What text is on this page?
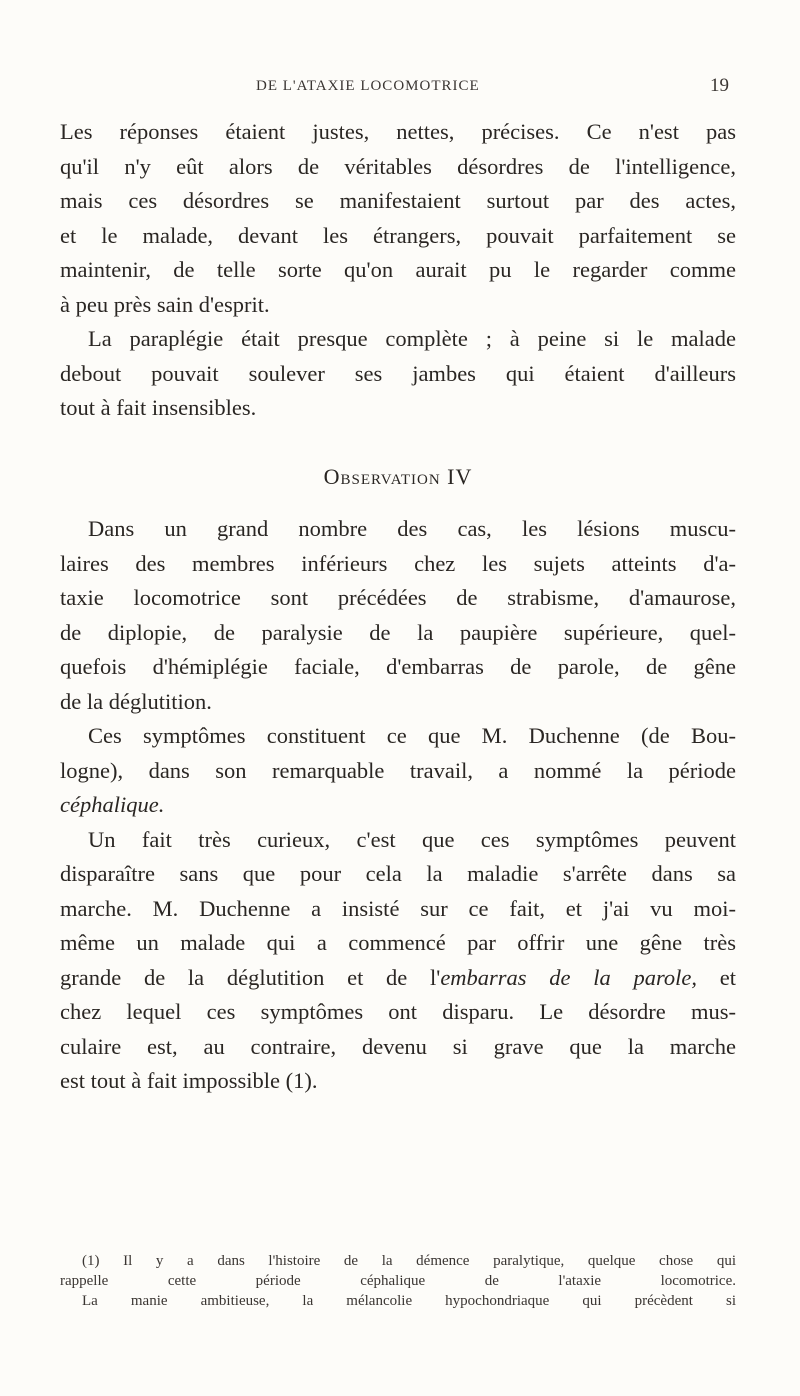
DE L'ATAXIE LOCOMOTRICE	19
Les réponses étaient justes, nettes, précises. Ce n'est pas
qu'il n'y eût alors de véritables désordres de l'intelligence,
mais ces désordres se manifestaient surtout par des actes,
et le malade, devant les étrangers, pouvait parfaitement se
maintenir, de telle sorte qu'on aurait pu le regarder comme
à peu près sain d'esprit.
La paraplégie était presque complète ; à peine si le malade
debout pouvait soulever ses jambes qui étaient d'ailleurs
tout à fait insensibles.
Observation IV
Dans un grand nombre des cas, les lésions muscu-
laires des membres inférieurs chez les sujets atteints d'a-
taxie locomotrice sont précédées de strabisme, d'amaurose,
de diplopie, de paralysie de la paupière supérieure, quel-
quefois d'hémiplégie faciale, d'embarras de parole, de gêne
de la déglutition.
Ces symptômes constituent ce que M. Duchenne (de Bou-
logne), dans son remarquable travail, a nommé la période
céphalique.
Un fait très curieux, c'est que ces symptômes peuvent
disparaître sans que pour cela la maladie s'arrête dans sa
marche. M. Duchenne a insisté sur ce fait, et j'ai vu moi-
même un malade qui a commencé par offrir une gêne très
grande de la déglutition et de l'embarras de la parole, et
chez lequel ces symptômes ont disparu. Le désordre mus-
culaire est, au contraire, devenu si grave que la marche
est tout à fait impossible (1).
(1) Il y a dans l'histoire de la démence paralytique, quelque chose qui
rappelle cette période céphalique de l'ataxie locomotrice.
La manie ambitieuse, la mélancolie hypochondriaque qui précèdent si
